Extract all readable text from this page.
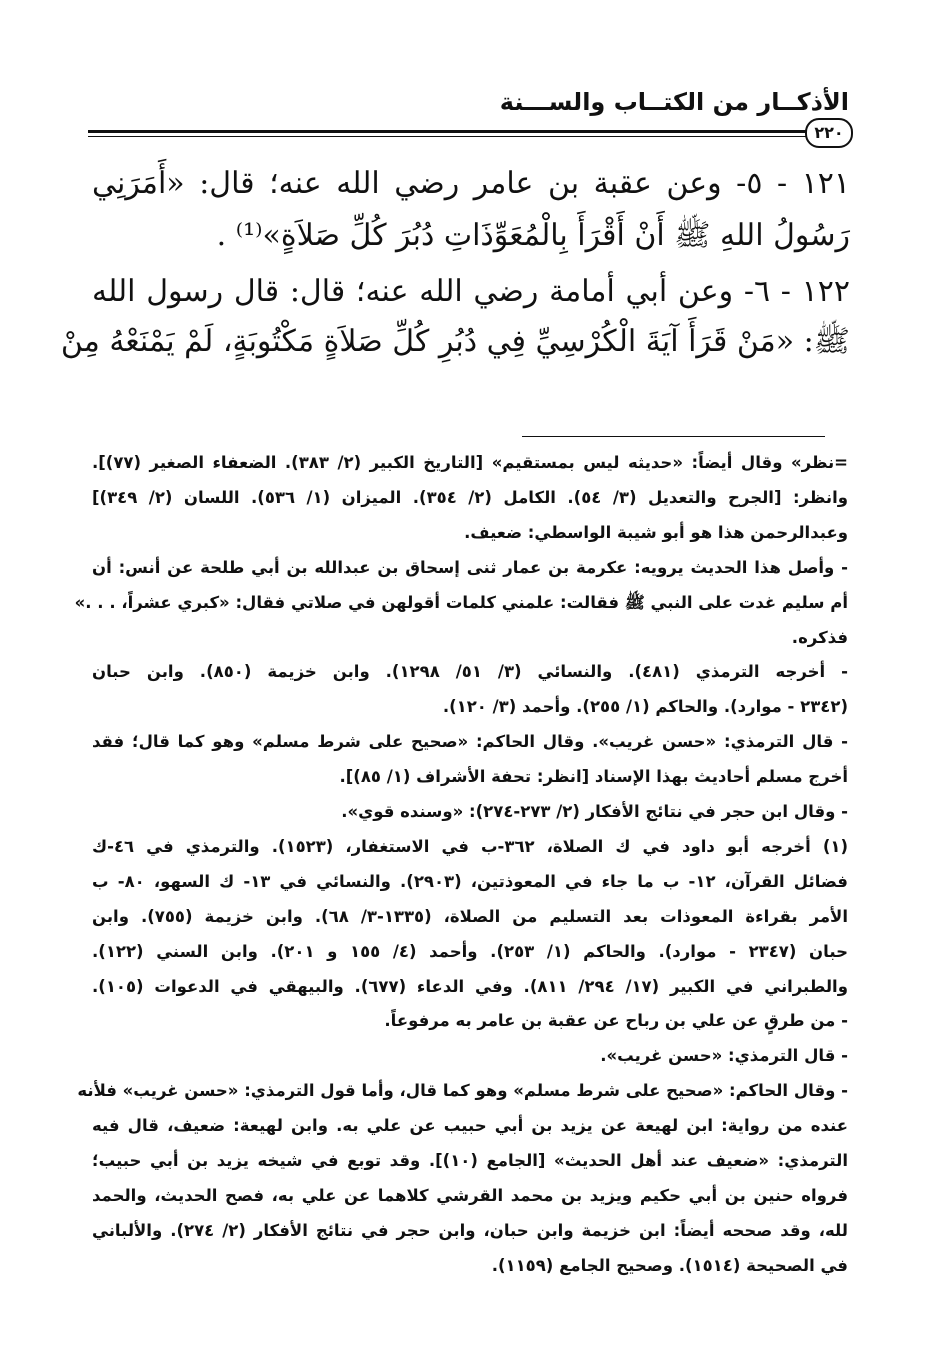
الأذكــار من الكتــاب والســـنة
٢٢٠
١٢١ - ٥- وعن عقبة بن عامر رضي الله عنه؛ قال: «أَمَرَنِي
رَسُولُ اللهِ ﷺ أَنْ أَقْرَأَ بِالْمُعَوِّذَاتِ دُبُرَ كُلِّ صَلاَةٍ»⁽¹⁾ .
١٢٢ - ٦- وعن أبي أمامة رضي الله عنه؛ قال: قال رسول الله
ﷺ: «مَنْ قَرَأَ آيَةَ الْكُرْسِيِّ فِي دُبُرِ كُلِّ صَلاَةٍ مَكْتُوبَةٍ، لَمْ يَمْنَعْهُ مِنْ
=نظر» وقال أيضاً: «حديثه ليس بمستقيم» [التاريخ الكبير (٢/ ٣٨٣). الضعفاء الصغير (٧٧)].
وانظر: [الجرح والتعديل (٣/ ٥٤). الكامل (٢/ ٣٥٤). الميزان (١/ ٥٣٦). اللسان (٢/ ٣٤٩)]
وعبدالرحمن هذا هو أبو شيبة الواسطي: ضعيف.
- وأصل هذا الحديث يرويه: عكرمة بن عمار ثنى إسحاق بن عبدالله بن أبي طلحة عن أنس: أن
أم سليم غدت على النبي ﷺ فقالت: علمني كلمات أقولهن في صلاتي فقال: «كبري عشراً، . . .»
فذكره.
- أخرجه الترمذي (٤٨١). والنسائي (٣/ ٥١/ ١٢٩٨). وابن خزيمة (٨٥٠). وابن حبان
(٢٣٤٢ - موارد). والحاكم (١/ ٢٥٥). وأحمد (٣/ ١٢٠).
- قال الترمذي: «حسن غريب». وقال الحاكم: «صحيح على شرط مسلم» وهو كما قال؛ فقد
أخرج مسلم أحاديث بهذا الإسناد [انظر: تحفة الأشراف (١/ ٨٥)].
- وقال ابن حجر في نتائج الأفكار (٢/ ٢٧٣-٢٧٤): «وسنده قوي».
(١) أخرجه أبو داود في ك الصلاة، ٣٦٢-ب في الاستغفار، (١٥٢٣). والترمذي في ٤٦-ك
فضائل القرآن، ١٢- ب ما جاء في المعوذتين، (٢٩٠٣). والنسائي في ١٣- ك السهو، ٨٠- ب
الأمر بقراءة المعوذات بعد التسليم من الصلاة، (١٣٣٥-٣/ ٦٨). وابن خزيمة (٧٥٥). وابن
حبان (٢٣٤٧ - موارد). والحاكم (١/ ٢٥٣). وأحمد (٤/ ١٥٥ و ٢٠١). وابن السني (١٢٢).
والطبراني في الكبير (١٧/ ٢٩٤/ ٨١١). وفي الدعاء (٦٧٧). والبيهقي في الدعوات (١٠٥).
- من طرقٍ عن علي بن رباح عن عقبة بن عامر به مرفوعاً.
- قال الترمذي: «حسن غريب».
- وقال الحاكم: «صحيح على شرط مسلم» وهو كما قال، وأما قول الترمذي: «حسن غريب» فلأنه
عنده من رواية: ابن لهيعة عن يزيد بن أبي حبيب عن علي به. وابن لهيعة: ضعيف، قال فيه
الترمذي: «ضعيف عند أهل الحديث» [الجامع (١٠)]. وقد توبع في شيخه يزيد بن أبي حبيب؛
فرواه حنين بن أبي حكيم ويزيد بن محمد القرشي كلاهما عن علي به، فصح الحديث، والحمد
لله، وقد صححه أيضاً: ابن خزيمة وابن حبان، وابن حجر في نتائج الأفكار (٢/ ٢٧٤). والألباني
في الصحيحة (١٥١٤). وصحيح الجامع (١١٥٩).
